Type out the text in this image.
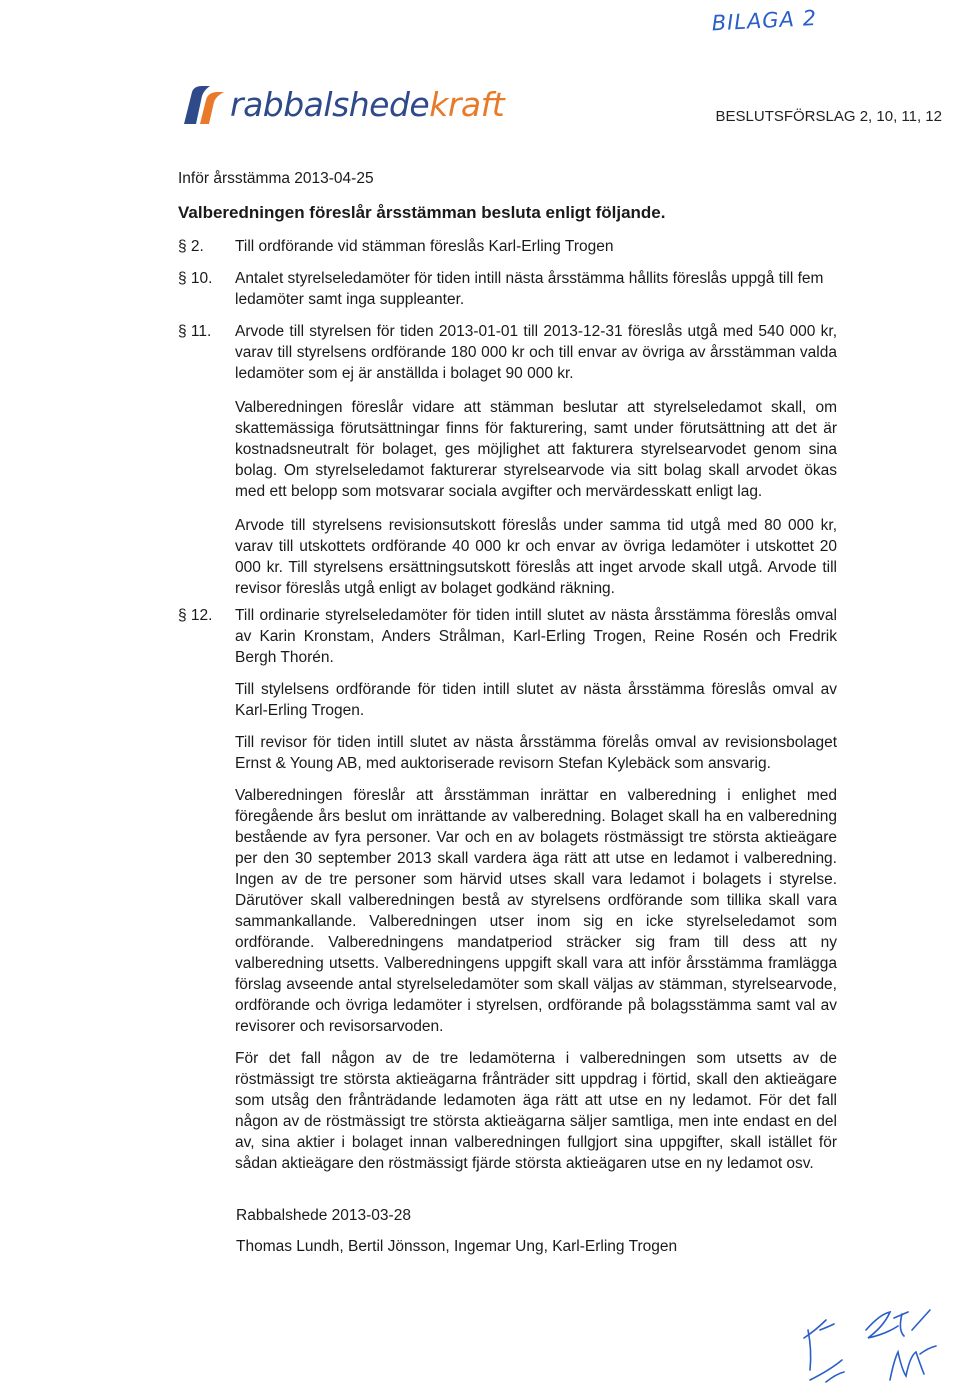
BILAGA 2
rabbalshedekraft	BESLUTSFÖRSLAG 2, 10, 11, 12
Inför årsstämma 2013-04-25
Valberedningen föreslår årsstämman besluta enligt följande.
§ 2.	Till ordförande vid stämman föreslås Karl-Erling Trogen

§ 10.	Antalet styrelseledamöter för tiden intill nästa årsstämma hållits föreslås uppgå till fem ledamöter samt inga suppleanter.

§ 11.	Arvode till styrelsen för tiden 2013-01-01 till 2013-12-31 föreslås utgå med 540 000 kr, varav till styrelsens ordförande 180 000 kr och till envar av övriga av årsstämman valda ledamöter som ej är anställda i bolaget 90 000 kr.

Valberedningen föreslår vidare att stämman beslutar att styrelseledamot skall, om skattemässiga förutsättningar finns för fakturering, samt under förutsättning att det är kostnadsneutralt för bolaget, ges möjlighet att fakturera styrelsearvodet genom sina bolag. Om styrelseledamot fakturerar styrelsearvode via sitt bolag skall arvodet ökas med ett belopp som motsvarar sociala avgifter och mervärdesskatt enligt lag.

Arvode till styrelsens revisionsutskott föreslås under samma tid utgå med 80 000 kr, varav till utskottets ordförande 40 000 kr och envar av övriga ledamöter i utskottet 20 000 kr. Till styrelsens ersättningsutskott föreslås att inget arvode skall utgå. Arvode till revisor föreslås utgå enligt av bolaget godkänd räkning.

§ 12.	Till ordinarie styrelseledamöter för tiden intill slutet av nästa årsstämma föreslås omval av Karin Kronstam, Anders Strålman, Karl-Erling Trogen, Reine Rosén och Fredrik Bergh Thorén.

Till stylelsens ordförande för tiden intill slutet av nästa årsstämma föreslås omval av Karl-Erling Trogen.

Till revisor för tiden intill slutet av nästa årsstämma förelås omval av revisionsbolaget Ernst & Young AB, med auktoriserade revisorn Stefan Kylebäck som ansvarig.

Valberedningen föreslår att årsstämman inrättar en valberedning i enlighet med föregående års beslut om inrättande av valberedning. Bolaget skall ha en valberedning bestående av fyra personer. Var och en av bolagets röstmässigt tre största aktieägare per den 30 september 2013 skall vardera äga rätt att utse en ledamot i valberedning. Ingen av de tre personer som härvid utses skall vara ledamot i bolagets i styrelse. Därutöver skall valberedningen bestå av styrelsens ordförande som tillika skall vara sammankallande. Valberedningen utser inom sig en icke styrelseledamot som ordförande. Valberedningens mandatperiod sträcker sig fram till dess att ny valberedning utsetts. Valberedningens uppgift skall vara att inför årsstämma framlägga förslag avseende antal styrelseledamöter som skall väljas av stämman, styrelsearvode, ordförande och övriga ledamöter i styrelsen, ordförande på bolagsstämma samt val av revisorer och revisorsarvoden.

För det fall någon av de tre ledamöterna i valberedningen som utsetts av de röstmässigt tre största aktieägarna frånträder sitt uppdrag i förtid, skall den aktieägare som utsåg den frånträdande ledamoten äga rätt att utse en ny ledamot. För det fall någon av de röstmässigt tre största aktieägarna säljer samtliga, men inte endast en del av, sina aktier i bolaget innan valberedningen fullgjort sina uppgifter, skall istället för sådan aktieägare den röstmässigt fjärde största aktieägaren utse en ny ledamot osv.

Rabbalshede 2013-03-28
Thomas Lundh, Bertil Jönsson, Ingemar Ung, Karl-Erling Trogen
